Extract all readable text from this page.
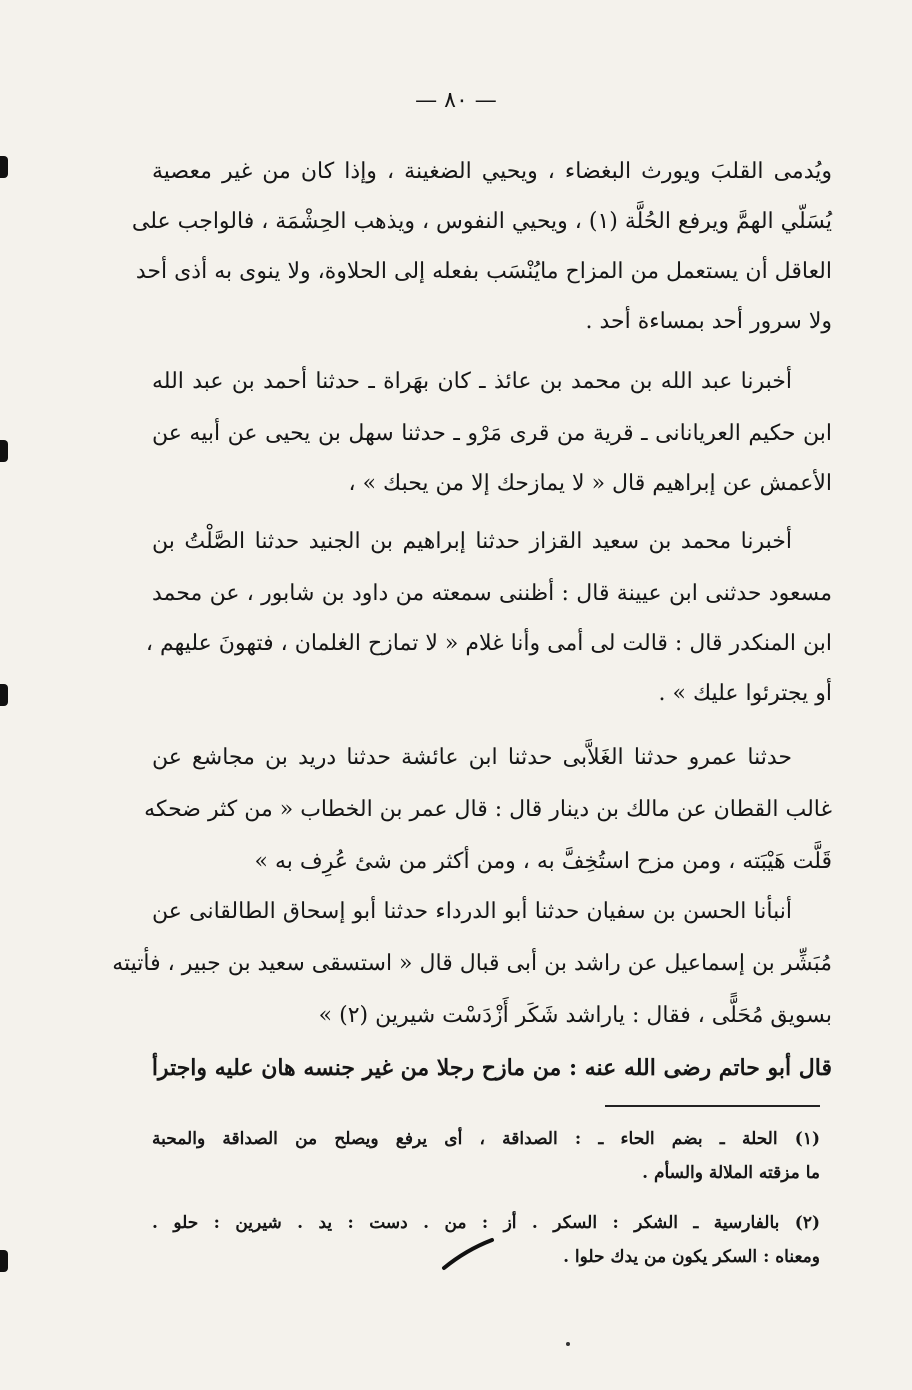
— ٨٠ —
ويُدمى القلبَ ويورث البغضاء ، ويحيي الضغينة ، وإذا كان من غير معصية
يُسَلّي الهمَّ ويرفع الحُلَّة (١) ، ويحيي النفوس ، ويذهب الحِشْمَة ، فالواجب على
العاقل أن يستعمل من المزاح مايُنْسَب بفعله إلى الحلاوة، ولا ينوى به أذى أحد
ولا سرور أحد بمساءة أحد .
أخبرنا عبد الله بن محمد بن عائذ ـ كان بهَراة ـ حدثنا أحمد بن عبد الله
ابن حكيم العريانانى ـ قرية من قرى مَرْو ـ حدثنا سهل بن يحيى عن أبيه عن
الأعمش عن إبراهيم قال « لا يمازحك إلا من يحبك » ،
أخبرنا محمد بن سعيد القزاز حدثنا إبراهيم بن الجنيد حدثنا الصَّلْتُ بن
مسعود حدثنى ابن عيينة قال : أظننى سمعته من داود بن شابور ، عن محمد
ابن المنكدر قال : قالت لى أمى وأنا غلام « لا تمازح الغلمان ، فتهونَ عليهم ،
أو يجترئوا عليك » .
حدثنا عمرو حدثنا الغَلاَّبى حدثنا ابن عائشة حدثنا دريد بن مجاشع عن
غالب القطان عن مالك بن دينار قال : قال عمر بن الخطاب « من كثر ضحكه
قَلَّت هَيْبَته ، ومن مزح استُخِفَّ به ، ومن أكثر من شئ عُرِف به »
أنبأنا الحسن بن سفيان حدثنا أبو الدرداء حدثنا أبو إسحاق الطالقانى عن
مُبَشِّر بن إسماعيل عن راشد بن أبى قبال قال « استسقى سعيد بن جبير ، فأتيته
بسويق مُحَلًّى ، فقال : ياراشد شَكَر أَزْدَسْت شيرين (٢) »
قال أبو حاتم رضى الله عنه : من مازح رجلا من غير جنسه هان عليه واجترأ
(١) الحلة ـ بضم الحاء ـ : الصداقة ، أى يرفع ويصلح من الصداقة والمحبة
ما مزقته الملالة والسأم .
(٢) بالفارسية ـ الشكر : السكر . أز : من . دست : يد . شيرين : حلو .
ومعناه : السكر يكون من يدك حلوا .
